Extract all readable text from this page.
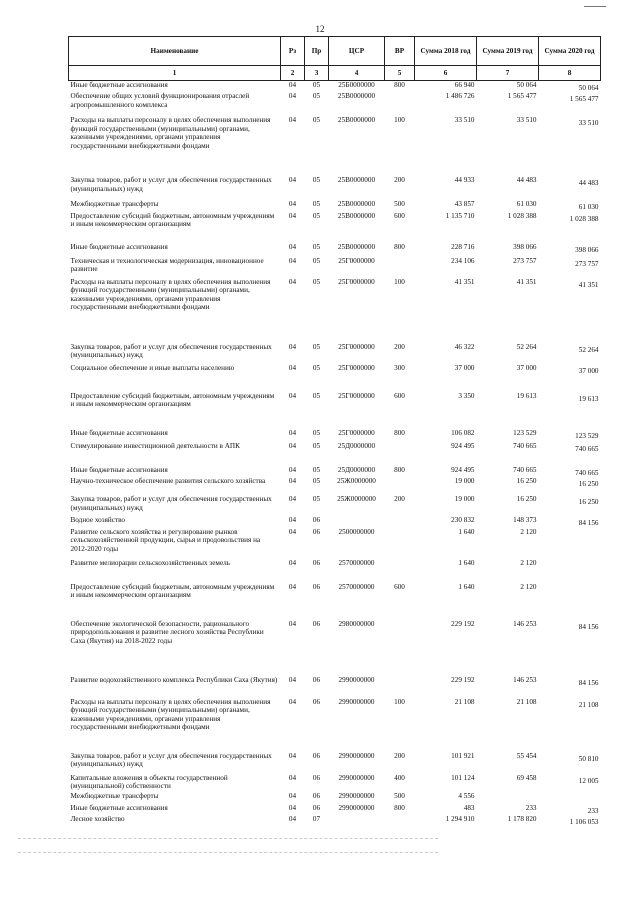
12
Наименование	Рз	Пр	ЦСР	ВР	Сумма 2018 год	Сумма 2019 год	Сумма 2020 год
1	2	3	4	5	6	7	8
Иные бюджетные ассигнования	04	05	25Б0000000	800	66 940	50 064	50 064
Обеспечение общих условий функционирования отраслей агропромышленного комплекса	04	05	25В0000000		1 486 726	1 565 477	1 565 477
Расходы на выплаты персоналу в целях обеспечения выполнения функций государственными (муниципальными) органами, казенными учреждениями, органами управления государственными внебюджетными фондами	04	05	25В0000000	100	33 510	33 510	33 510
Закупка товаров, работ и услуг для обеспечения государственных (муниципальных) нужд	04	05	25В0000000	200	44 933	44 483	44 483
Межбюджетные трансферты	04	05	25В0000000	500	43 857	61 030	61 030
Предоставление субсидий бюджетным, автономным учреждениям и иным некоммерческим организациям	04	05	25В0000000	600	1 135 710	1 028 388	1 028 388
Иные бюджетные ассигнования	04	05	25В0000000	800	228 716	398 066	398 066
Техническая и технологическая модернизация, инновационное развитие	04	05	25Г0000000		234 106	273 757	273 757
Расходы на выплаты персоналу в целях обеспечения выполнения функций государственными (муниципальными) органами, казенными учреждениями, органами управления государственными внебюджетными фондами	04	05	25Г0000000	100	41 351	41 351	41 351
Закупка товаров, работ и услуг для обеспечения государственных (муниципальных) нужд	04	05	25Г0000000	200	46 322	52 264	52 264
Социальное обеспечение и иные выплаты населению	04	05	25Г0000000	300	37 000	37 000	37 000
Предоставление субсидий бюджетным, автономным учреждениям и иным некоммерческим организациям	04	05	25Г0000000	600	3 350	19 613	19 613
Иные бюджетные ассигнования	04	05	25Г0000000	800	106 082	123 529	123 529
Стимулирование инвестиционной деятельности в АПК	04	05	25Д0000000		924 495	740 665	740 665
Иные бюджетные ассигнования	04	05	25Д0000000	800	924 495	740 665	740 665
Научно-техническое обеспечение развития сельского хозяйства	04	05	25Ж0000000		19 000	16 250	16 250
Закупка товаров, работ и услуг для обеспечения государственных (муниципальных) нужд	04	05	25Ж0000000	200	19 000	16 250	16 250
Водное хозяйство	04	06			230 832	148 373	84 156
Развитие сельского хозяйства и регулирование рынков сельскохозяйственной продукции, сырья и продовольствия на 2012-2020 годы	04	06	2500000000		1 640	2 120	
Развитие мелиорации сельскохозяйственных земель	04	06	2570000000		1 640	2 120	
Предоставление субсидий бюджетным, автономным учреждениям и иным некоммерческим организациям	04	06	2570000000	600	1 640	2 120	
Обеспечение экологической безопасности, рационального природопользования и развитие лесного хозяйства Республики Саха (Якутия) на 2018-2022 годы	04	06	2980000000		229 192	146 253	84 156
Развитие водохозяйственного комплекса Республики Саха (Якутия)	04	06	2990000000		229 192	146 253	84 156
Расходы на выплаты персоналу в целях обеспечения выполнения функций государственными (муниципальными) органами, казенными учреждениями, органами управления государственными внебюджетными фондами	04	06	2990000000	100	21 108	21 108	21 108
Закупка товаров, работ и услуг для обеспечения государственных (муниципальных) нужд	04	06	2990000000	200	101 921	55 454	50 810
Капитальные вложения в объекты государственной (муниципальной) собственности	04	06	2990000000	400	101 124	69 458	12 005
Межбюджетные трансферты	04	06	2990000000	500	4 556		
Иные бюджетные ассигнования	04	06	2990000000	800	483	233	233
Лесное хозяйство	04	07			1 294 910	1 178 820	1 106 053
